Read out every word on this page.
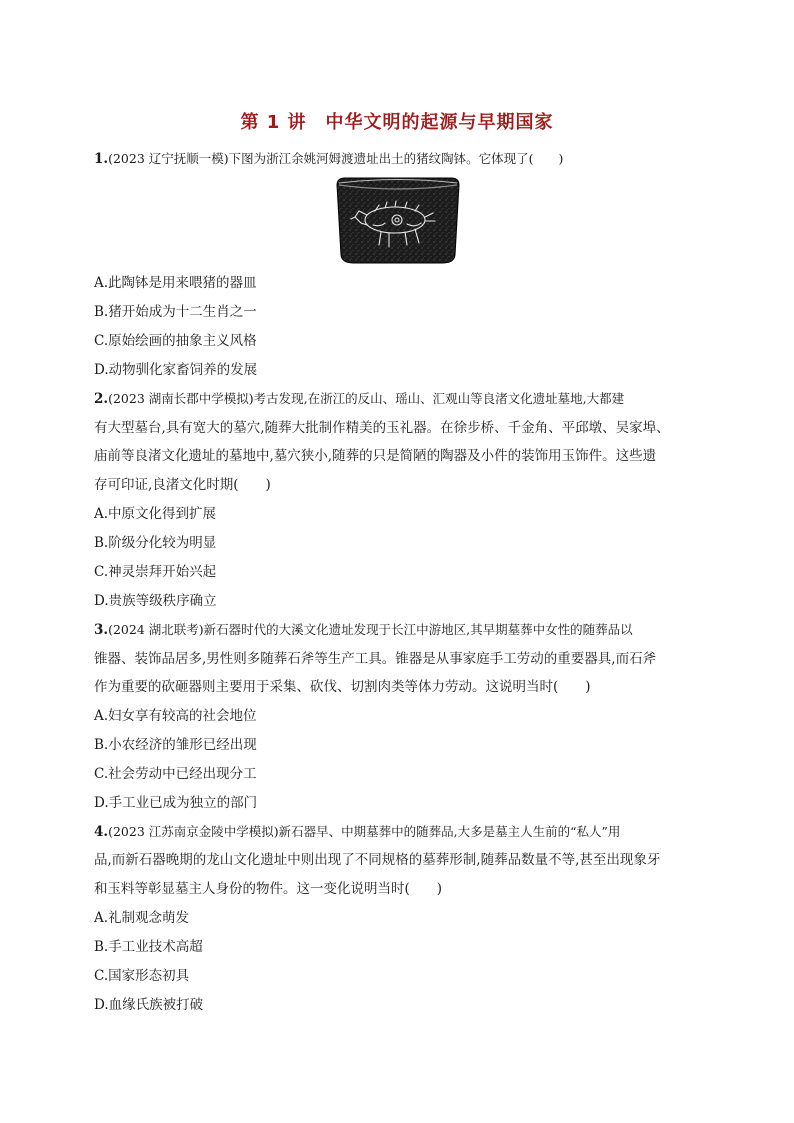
第 1 讲　中华文明的起源与早期国家
1.(2023 辽宁抚顺一模)下图为浙江余姚河姆渡遗址出土的猪纹陶钵。它体现了(　　)
A.此陶钵是用来喂猪的器皿
B.猪开始成为十二生肖之一
C.原始绘画的抽象主义风格
D.动物驯化家畜饲养的发展
2.(2023 湖南长郡中学模拟)考古发现,在浙江的反山、瑶山、汇观山等良渚文化遗址墓地,大都建
有大型墓台,具有宽大的墓穴,随葬大批制作精美的玉礼器。在徐步桥、千金角、平邱墩、吴家埠、
庙前等良渚文化遗址的墓地中,墓穴狭小,随葬的只是简陋的陶器及小件的装饰用玉饰件。这些遗
存可印证,良渚文化时期(　　)
A.中原文化得到扩展
B.阶级分化较为明显
C.神灵崇拜开始兴起
D.贵族等级秩序确立
3.(2024 湖北联考)新石器时代的大溪文化遗址发现于长江中游地区,其早期墓葬中女性的随葬品以
锥器、装饰品居多,男性则多随葬石斧等生产工具。锥器是从事家庭手工劳动的重要器具,而石斧
作为重要的砍砸器则主要用于采集、砍伐、切割肉类等体力劳动。这说明当时(　　)
A.妇女享有较高的社会地位
B.小农经济的雏形已经出现
C.社会劳动中已经出现分工
D.手工业已成为独立的部门
4.(2023 江苏南京金陵中学模拟)新石器早、中期墓葬中的随葬品,大多是墓主人生前的“私人”用
品,而新石器晚期的龙山文化遗址中则出现了不同规格的墓葬形制,随葬品数量不等,甚至出现象牙
和玉料等彰显墓主人身份的物件。这一变化说明当时(　　)
A.礼制观念萌发
B.手工业技术高超
C.国家形态初具
D.血缘氏族被打破
